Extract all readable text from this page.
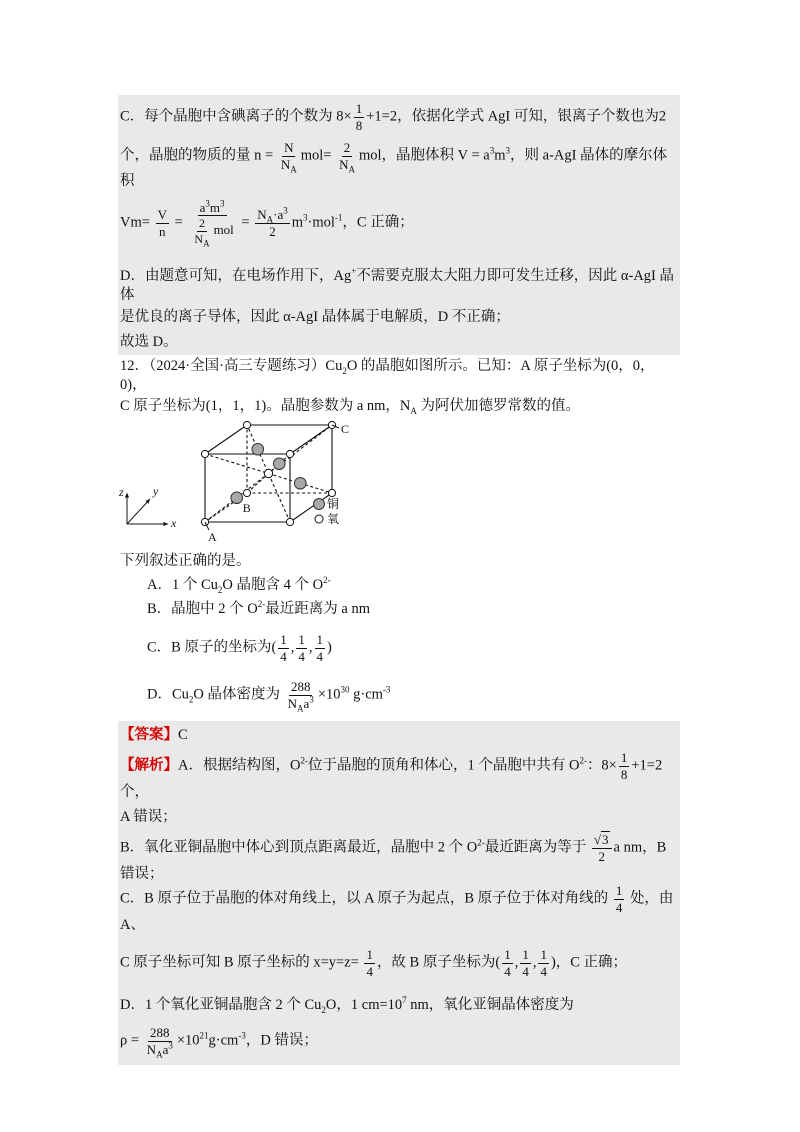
C．每个晶胞中含碘离子的个数为 $8\times \frac{1}{8} +1=2$，依据化学式 AgI 可知，银离子个数也为2
个，晶胞的物质的量 $n = \frac{N}{N_A} mol= \frac{2}{N_A}$ mol，晶胞体积 $V = a^3m^3$，则 a-AgI 晶体的摩尔体积
$Vm= \frac{V}{n} = \frac{a^3m^3}{\frac{2}{N_A} mol} = \frac{N_A\cdot a^3}{2} m^3\cdot mol^{-1}$，C 正确；
D．由题意可知，在电场作用下，Ag+不需要克服太大阻力即可发生迁移，因此 α-AgI 晶体
是优良的离子导体，因此 α-AgI 晶体属于电解质，D 不正确；
故选 D。
12．（2024·全国·高三专题练习）$Cu_2O$ 的晶胞如图所示。已知：A 原子坐标为(0，0，0)，
C 原子坐标为(1，1，1)。晶胞参数为 a nm，$N_A$ 为阿伏加德罗常数的值。
A
C
B
z y
x
铜
氧
下列叙述正确的是。
A．1 个 $Cu_2O$ 晶胞含 4 个 $O^{2-}$
B．晶胞中 2 个 $O^{2-}$最近距离为 a nm
C．B 原子的坐标为( $\frac{1}{4}$ , $\frac{1}{4}$ , $\frac{1}{4}$ )
D．$Cu_2O$ 晶体密度为 $\frac{288}{N_Aa^3} \times 10^{30}$ $g\cdot cm^{-3}$
【答案】C
【解析】A．根据结构图，$O^{2-}$位于晶胞的顶角和体心，1 个晶胞中共有 $O^{2-}$：$8\times \frac{1}{8} +1=2$ 个，
A 错误；
B．氧化亚铜晶胞中体心到顶点距离最近，晶胞中 2 个 $O^{2-}$最近距离为等于 $\frac{√3}{2}$ a nm，B 错误；
C．B 原子位于晶胞的体对角线上，以 A 原子为起点，B 原子位于体对角线的 $\frac{1}{4}$ 处，由 A、
C 原子坐标可知 B 原子坐标的 $x=y=z= \frac{1}{4}$ ，故 B 原子坐标为( $\frac{1}{4}$ , $\frac{1}{4}$ , $\frac{1}{4}$ )，C 正确；
D．1 个氧化亚铜晶胞含 2 个 $Cu_2O$，1 $cm=10^7$ nm，氧化亚铜晶体密度为
$\rho = \frac{288}{N_Aa^3} \times 10^{21}g\cdot cm^{-3}$，D 错误；
